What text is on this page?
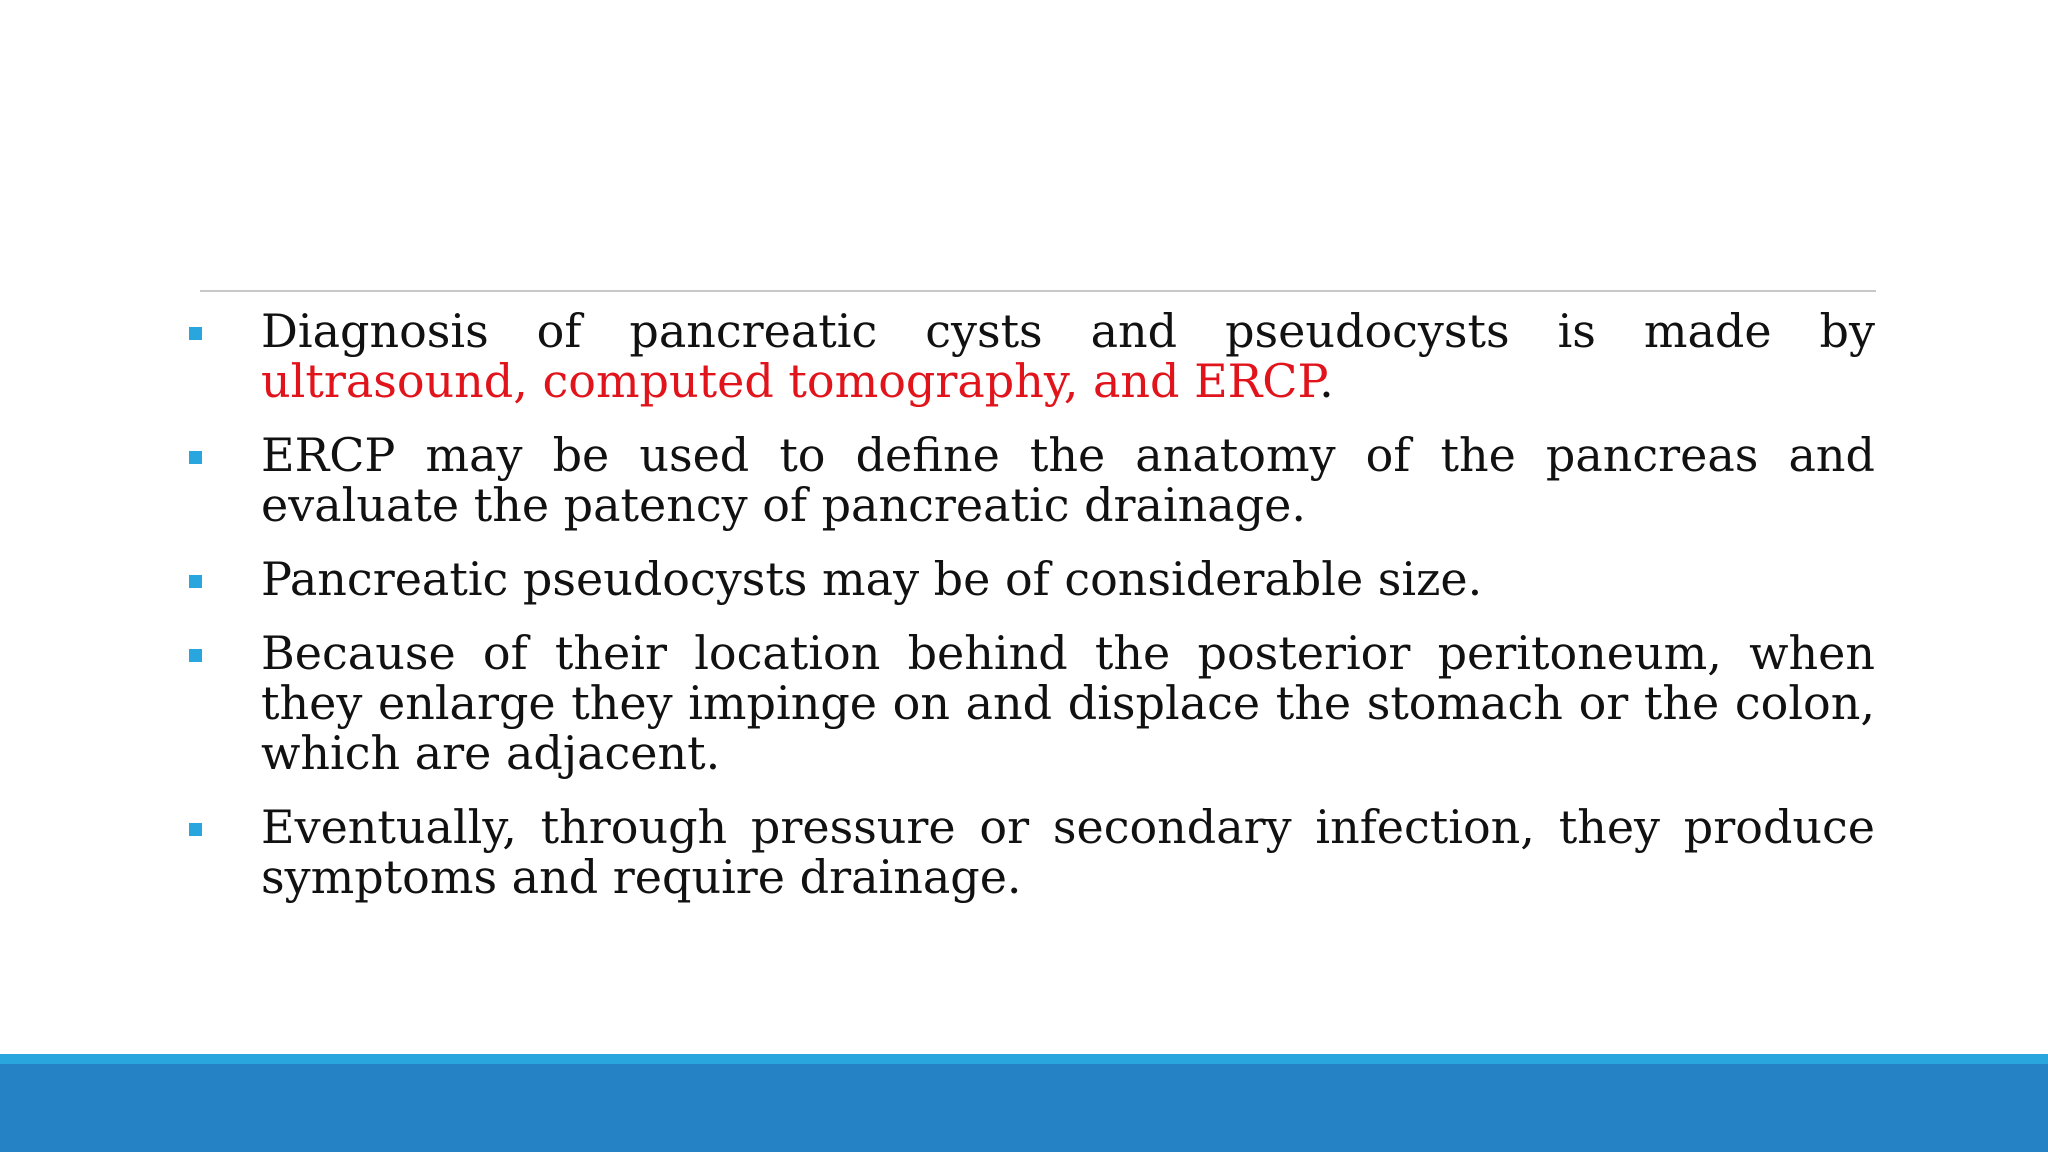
Diagnosis of pancreatic cysts and pseudocysts is made by ultrasound, computed tomography, and ERCP.
ERCP may be used to define the anatomy of the pancreas and evaluate the patency of pancreatic drainage.
Pancreatic pseudocysts may be of considerable size.
Because of their location behind the posterior peritoneum, when they enlarge they impinge on and displace the stomach or the colon, which are adjacent.
Eventually, through pressure or secondary infection, they produce symptoms and require drainage.
